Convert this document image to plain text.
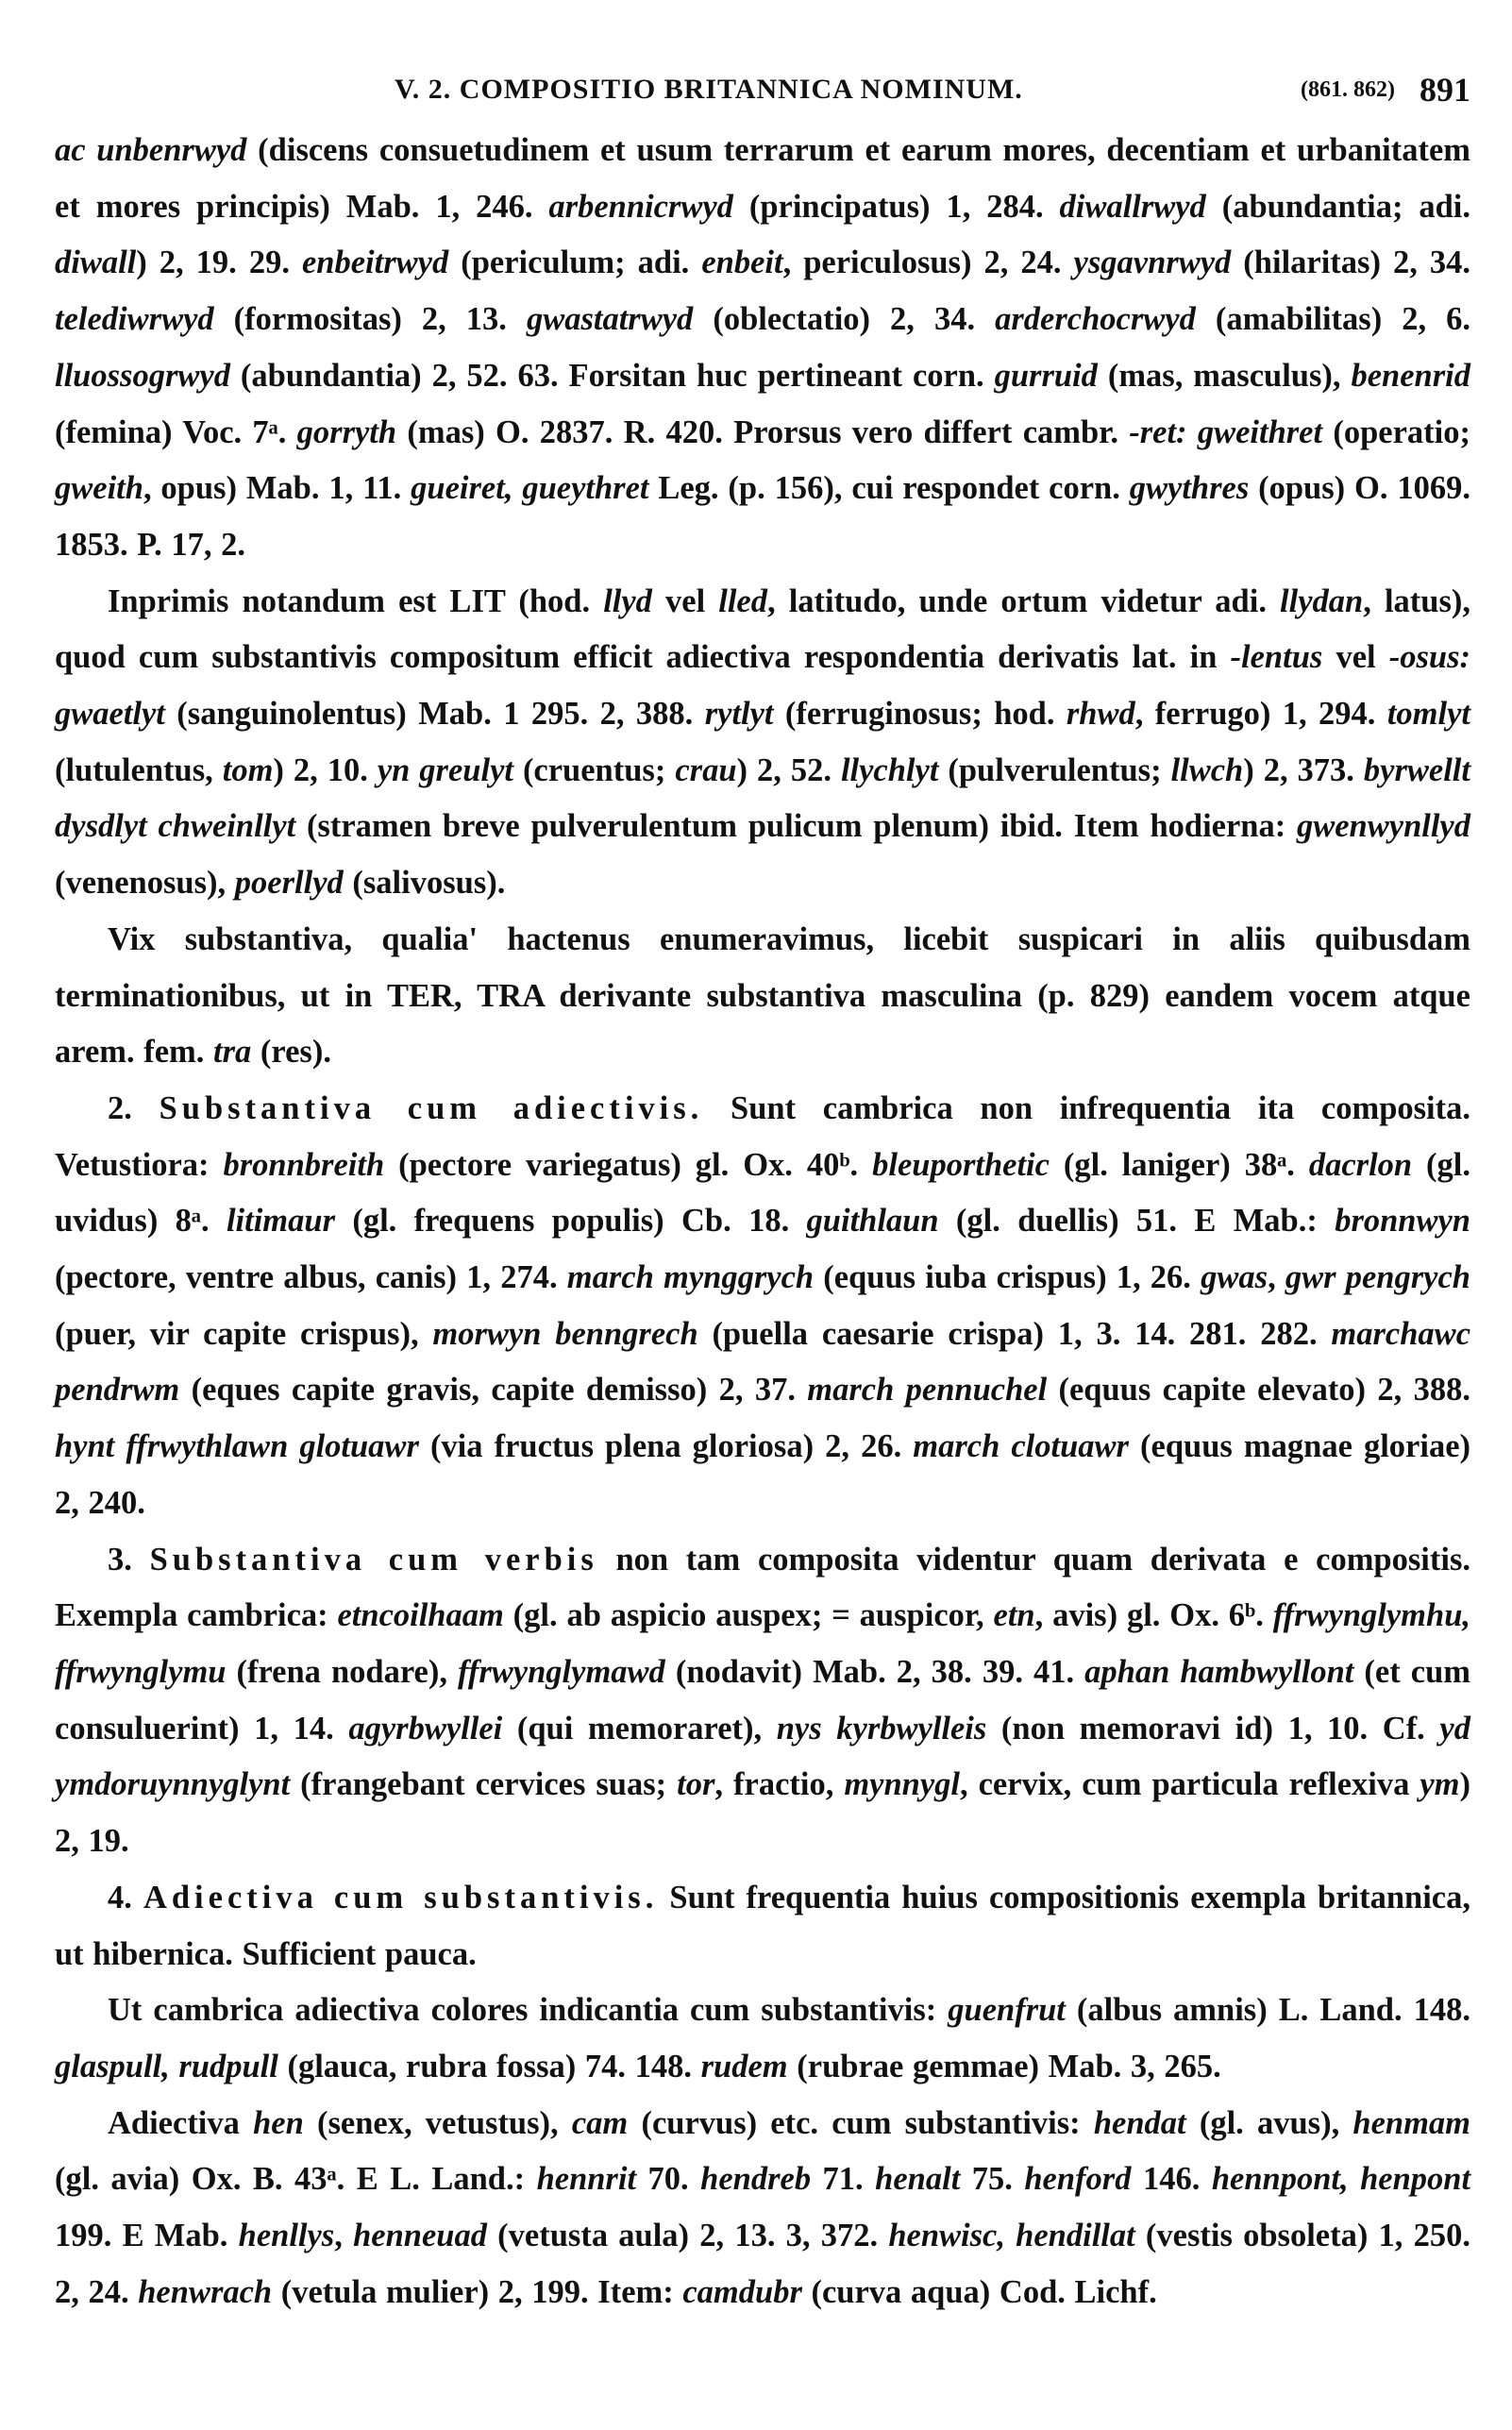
V. 2. COMPOSITIO BRITANNICA NOMINUM.	(861. 862) 891

ac unbenrwyd (discens consuetudinem et usum terrarum et earum mores, decentiam et urbanitatem et mores principis) Mab. 1, 246. arbennicrwyd (principatus) 1, 284. diwallrwyd (abundantia; adi. diwall) 2, 19. 29. enbeitrwyd (periculum; adi. enbeit, periculosus) 2, 24. ysgavnrwyd (hilaritas) 2, 34. telediwrwyd (formositas) 2, 13. gwastatrwyd (oblectatio) 2, 34. arderchocrwyd (amabilitas) 2, 6. lluossogrwyd (abundantia) 2, 52. 63. Forsitan huc pertineant corn. gurruid (mas, masculus), benenrid (femina) Voc. 7ᵃ. gorryth (mas) O. 2837. R. 420. Prorsus vero differt cambr. -ret: gweithret (operatio; gweith, opus) Mab. 1, 11. gueiret, gueythret Leg. (p. 156), cui respondet corn. gwythres (opus) O. 1069. 1853. P. 17, 2.

Inprimis notandum est LIT (hod. llyd vel lled, latitudo, unde ortum videtur adi. llydan, latus), quod cum substantivis compositum efficit adiectiva respondentia derivatis lat. in -lentus vel -osus: gwaetlyt (sanguinolentus) Mab. 1 295. 2, 388. rytlyt (ferruginosus; hod. rhwd, ferrugo) 1, 294. tomlyt (lutulentus, tom) 2, 10. yn greulyt (cruentus; crau) 2, 52. llychlyt (pulverulentus; llwch) 2, 373. byrwellt dysdlyt chweinllyt (stramen breve pulverulentum pulicum plenum) ibid. Item hodierna: gwenwynllyd (venenosus), poerllyd (salivosus).

Vix substantiva, qualia' hactenus enumeravimus, licebit suspicari in aliis quibusdam terminationibus, ut in TER, TRA derivante substantiva masculina (p. 829) eandem vocem atque arem. fem. tra (res).

2. Substantiva cum adiectivis. Sunt cambrica non infrequentia ita composita. Vetustiora: bronnbreith (pectore variegatus) gl. Ox. 40ᵇ. bleuporthetic (gl. laniger) 38ᵃ. dacrlon (gl. uvidus) 8ᵃ. litimaur (gl. frequens populis) Cb. 18. guithlaun (gl. duellis) 51. E Mab.: bronnwyn (pectore, ventre albus, canis) 1, 274. march mynggrych (equus iuba crispus) 1, 26. gwas, gwr pengrych (puer, vir capite crispus), morwyn benngrech (puella caesarie crispa) 1, 3. 14. 281. 282. marchawc pendrwm (eques capite gravis, capite demisso) 2, 37. march pennuchel (equus capite elevato) 2, 388. hynt ffrwythlawn glotuawr (via fructus plena gloriosa) 2, 26. march clotuawr (equus magnae gloriae) 2, 240.

3. Substantiva cum verbis non tam composita videntur quam derivata e compositis. Exempla cambrica: etncoilhaam (gl. ab aspicio auspex; = auspicor, etn, avis) gl. Ox. 6ᵇ. ffrwynglymhu, ffrwynglymu (frena nodare), ffrwynglymawd (nodavit) Mab. 2, 38. 39. 41. aphan hambwyllont (et cum consuluerint) 1, 14. agyrbwyllei (qui memoraret), nys kyrbwylleis (non memoravi id) 1, 10. Cf. yd ymdoruynnyglynt (frangebant cervices suas; tor, fractio, mynnygl, cervix, cum particula reflexiva ym) 2, 19.

4. Adiectiva cum substantivis. Sunt frequentia huius compositionis exempla britannica, ut hibernica. Sufficient pauca.

Ut cambrica adiectiva colores indicantia cum substantivis: guenfrut (albus amnis) L. Land. 148. glaspull, rudpull (glauca, rubra fossa) 74. 148. rudem (rubrae gemmae) Mab. 3, 265.

Adiectiva hen (senex, vetustus), cam (curvus) etc. cum substantivis: hendat (gl. avus), henmam (gl. avia) Ox. B. 43ᵃ. E L. Land.: hennrit 70. hendreb 71. henalt 75. henford 146. hennpont, henpont 199. E Mab. henllys, henneuad (vetusta aula) 2, 13. 3, 372. henwisc, hendillat (vestis obsoleta) 1, 250. 2, 24. henwrach (vetula mulier) 2, 199. Item: camdubr (curva aqua) Cod. Lichf.
